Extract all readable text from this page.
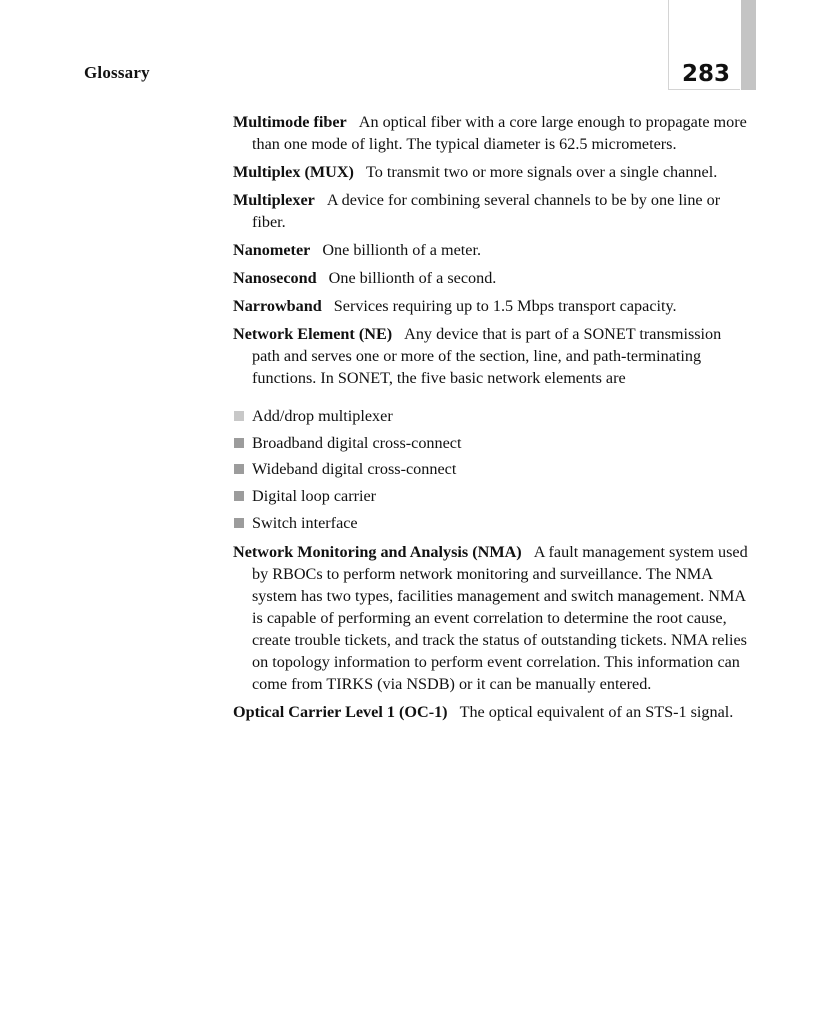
Glossary	283

Multimode fiber An optical fiber with a core large enough to propagate more than one mode of light. The typical diameter is 62.5 micrometers.

Multiplex (MUX) To transmit two or more signals over a single channel.

Multiplexer A device for combining several channels to be by one line or fiber.

Nanometer One billionth of a meter.

Nanosecond One billionth of a second.

Narrowband Services requiring up to 1.5 Mbps transport capacity.

Network Element (NE) Any device that is part of a SONET transmission path and serves one or more of the section, line, and path-terminating functions. In SONET, the five basic network elements are

Add/drop multiplexer
Broadband digital cross-connect
Wideband digital cross-connect
Digital loop carrier
Switch interface

Network Monitoring and Analysis (NMA) A fault management system used by RBOCs to perform network monitoring and surveillance. The NMA system has two types, facilities management and switch management. NMA is capable of performing an event correlation to determine the root cause, create trouble tickets, and track the status of outstanding tickets. NMA relies on topology information to perform event correlation. This information can come from TIRKS (via NSDB) or it can be manually entered.

Optical Carrier Level 1 (OC-1) The optical equivalent of an STS-1 signal.
